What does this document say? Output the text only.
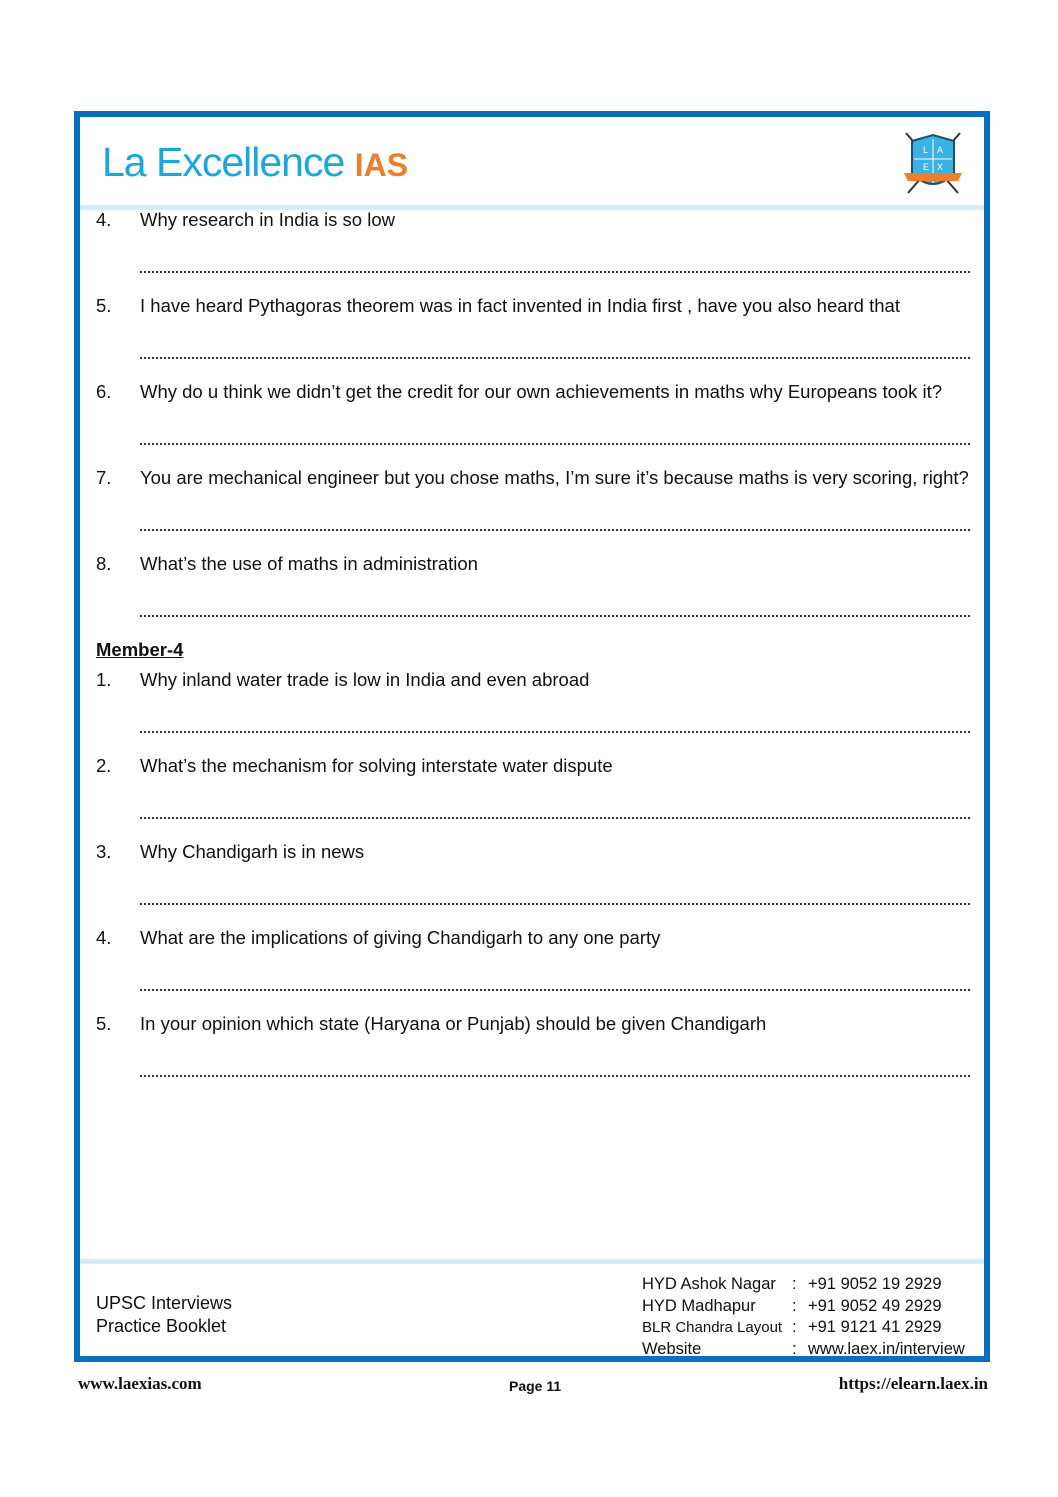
La Excellence IAS	L A
E X
4.	Why research in India is so low
5.	I have heard Pythagoras theorem was in fact invented in India first , have you also heard that
6.	Why do u think we didn’t get the credit for our own achievements in maths why Europeans took it?
7.	You are mechanical engineer but you chose maths, I’m sure it’s because maths is very scoring, right?
8.	What’s the use of maths in administration
Member-4
1.	Why inland water trade is low in India and even abroad
2.	What’s the mechanism for solving interstate water dispute
3.	Why Chandigarh is in news
4.	What are the implications of giving Chandigarh to any one party
5.	In your opinion which state (Haryana or Punjab) should be given Chandigarh
UPSC Interviews
Practice Booklet
HYD Ashok Nagar : +91 9052 19 2929
HYD Madhapur	: +91 9052 49 2929
BLR Chandra Layout : +91 9121 41 2929
Website	: www.laex.in/interview
www.laexias.com	Page 11	https://elearn.laex.in
